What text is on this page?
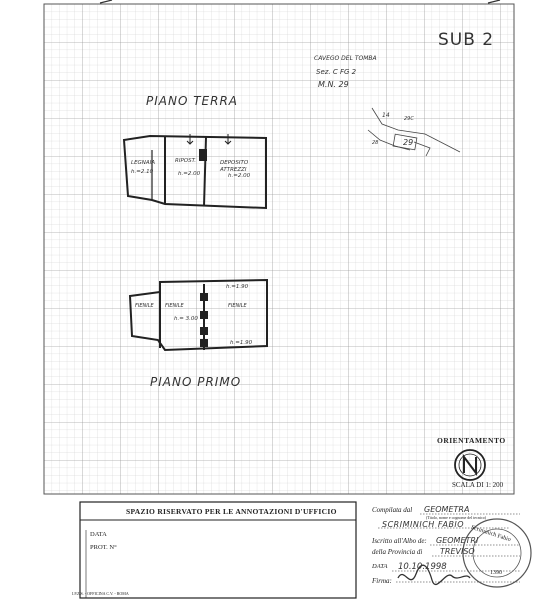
SUB 2
CAVEGO DEL TOMBA
Sez. C FG 2
M.N. 29
14
29
29C
28
PIANO TERRA
LEGNAIA
h.=2.10
RIPOST.
h.=2.00
DEPOSITO ATTREZZI
h.=2.00
h.=1.90
FIENILE FIENILE
h.= 3.00
FIENILE
h.=1.90
PIANO PRIMO
ORIENTAMENTO
SCALA DI 1: 200
SPAZIO RISERVATO PER LE ANNOTAZIONI D'UFFICIO
DATA
PROT. N°
Compilata dal GEOMETRA
(Titolo, nome e cognome del tecnico)
SCRIMINICH FABIO
Iscritto all'Albo de: GEOMETRI
della Provincia di TREVISO
DATA 10.10.1998
Firma:
Scriminich Fabio
1390
I.P.Z.S. - OFFICINA C.V. - ROMA
